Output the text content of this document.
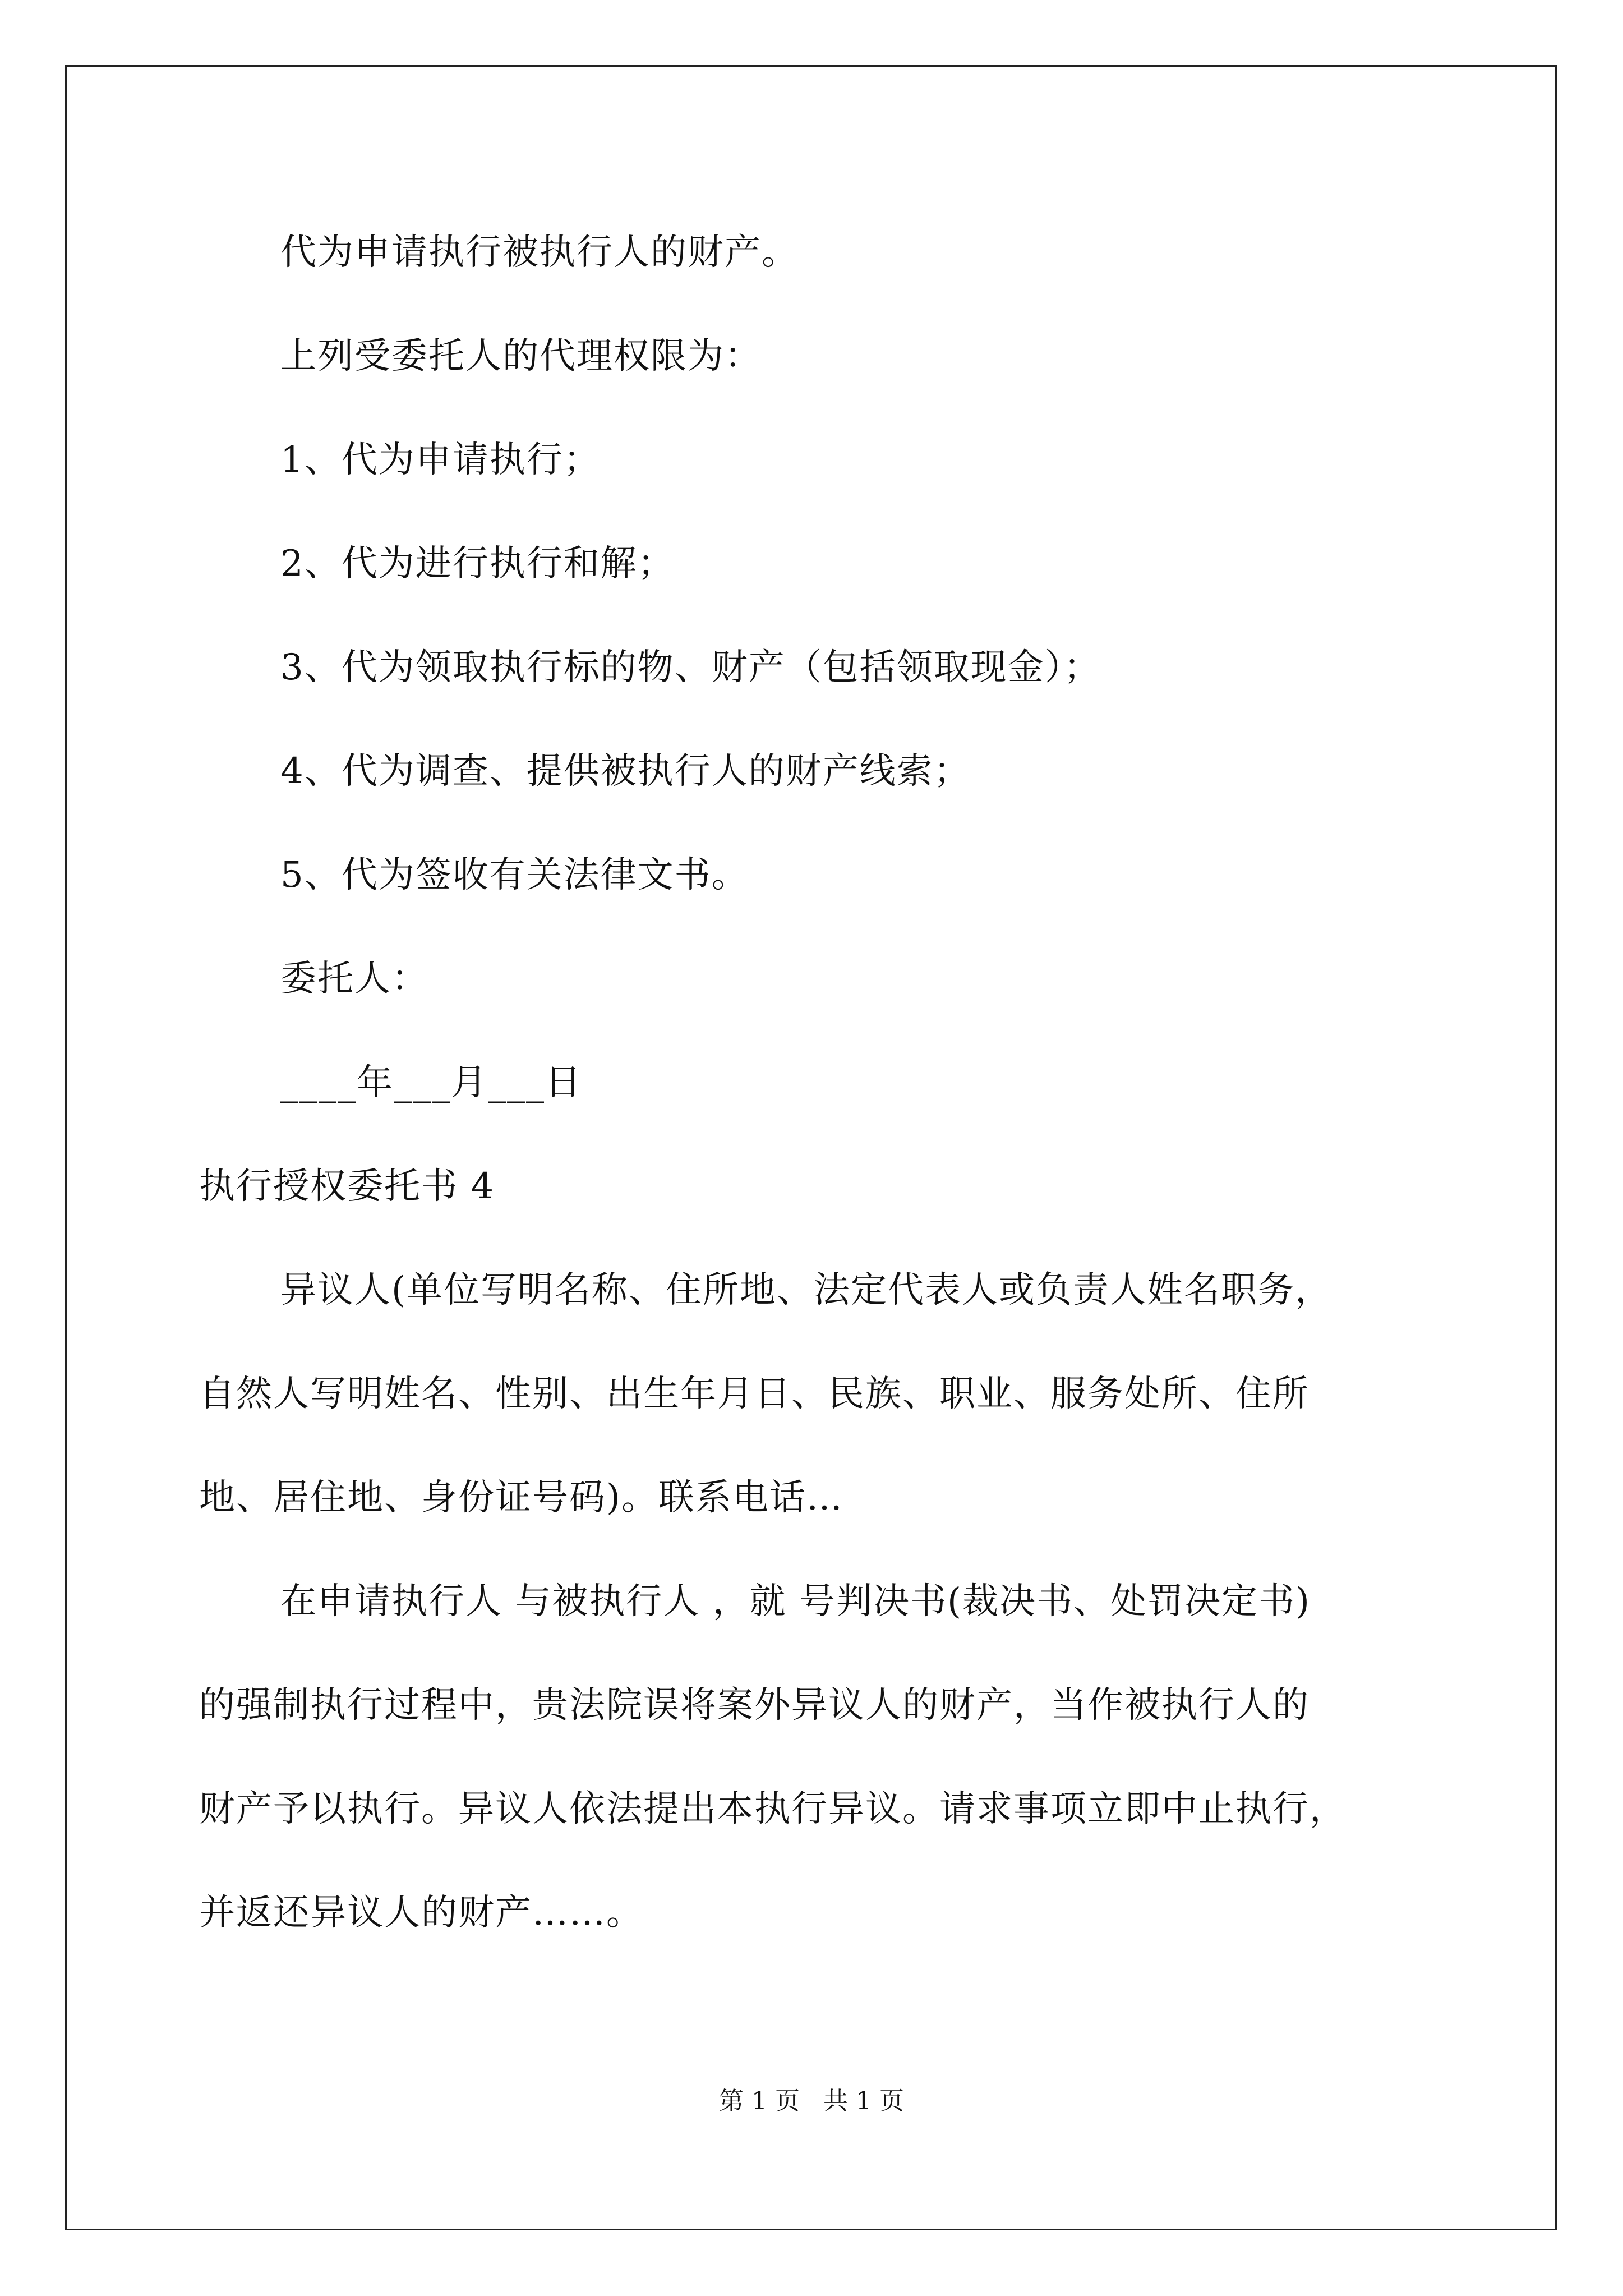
代为申请执行被执行人的财产。
上列受委托人的代理权限为：
1、代为申请执行；
2、代为进行执行和解；
3、代为领取执行标的物、财产（包括领取现金）；
4、代为调查、提供被执行人的财产线索；
5、代为签收有关法律文书。
委托人：
____年___月___日
执行授权委托书 4
异议人(单位写明名称、住所地、法定代表人或负责人姓名职务，
自然人写明姓名、性别、出生年月日、民族、职业、服务处所、住所
地、居住地、身份证号码)。联系电话…
在申请执行人 与被执行人 ，就 号判决书(裁决书、处罚决定书)
的强制执行过程中，贵法院误将案外异议人的财产，当作被执行人的
财产予以执行。异议人依法提出本执行异议。请求事项立即中止执行，
并返还异议人的财产……。
第 1 页   共 1 页
